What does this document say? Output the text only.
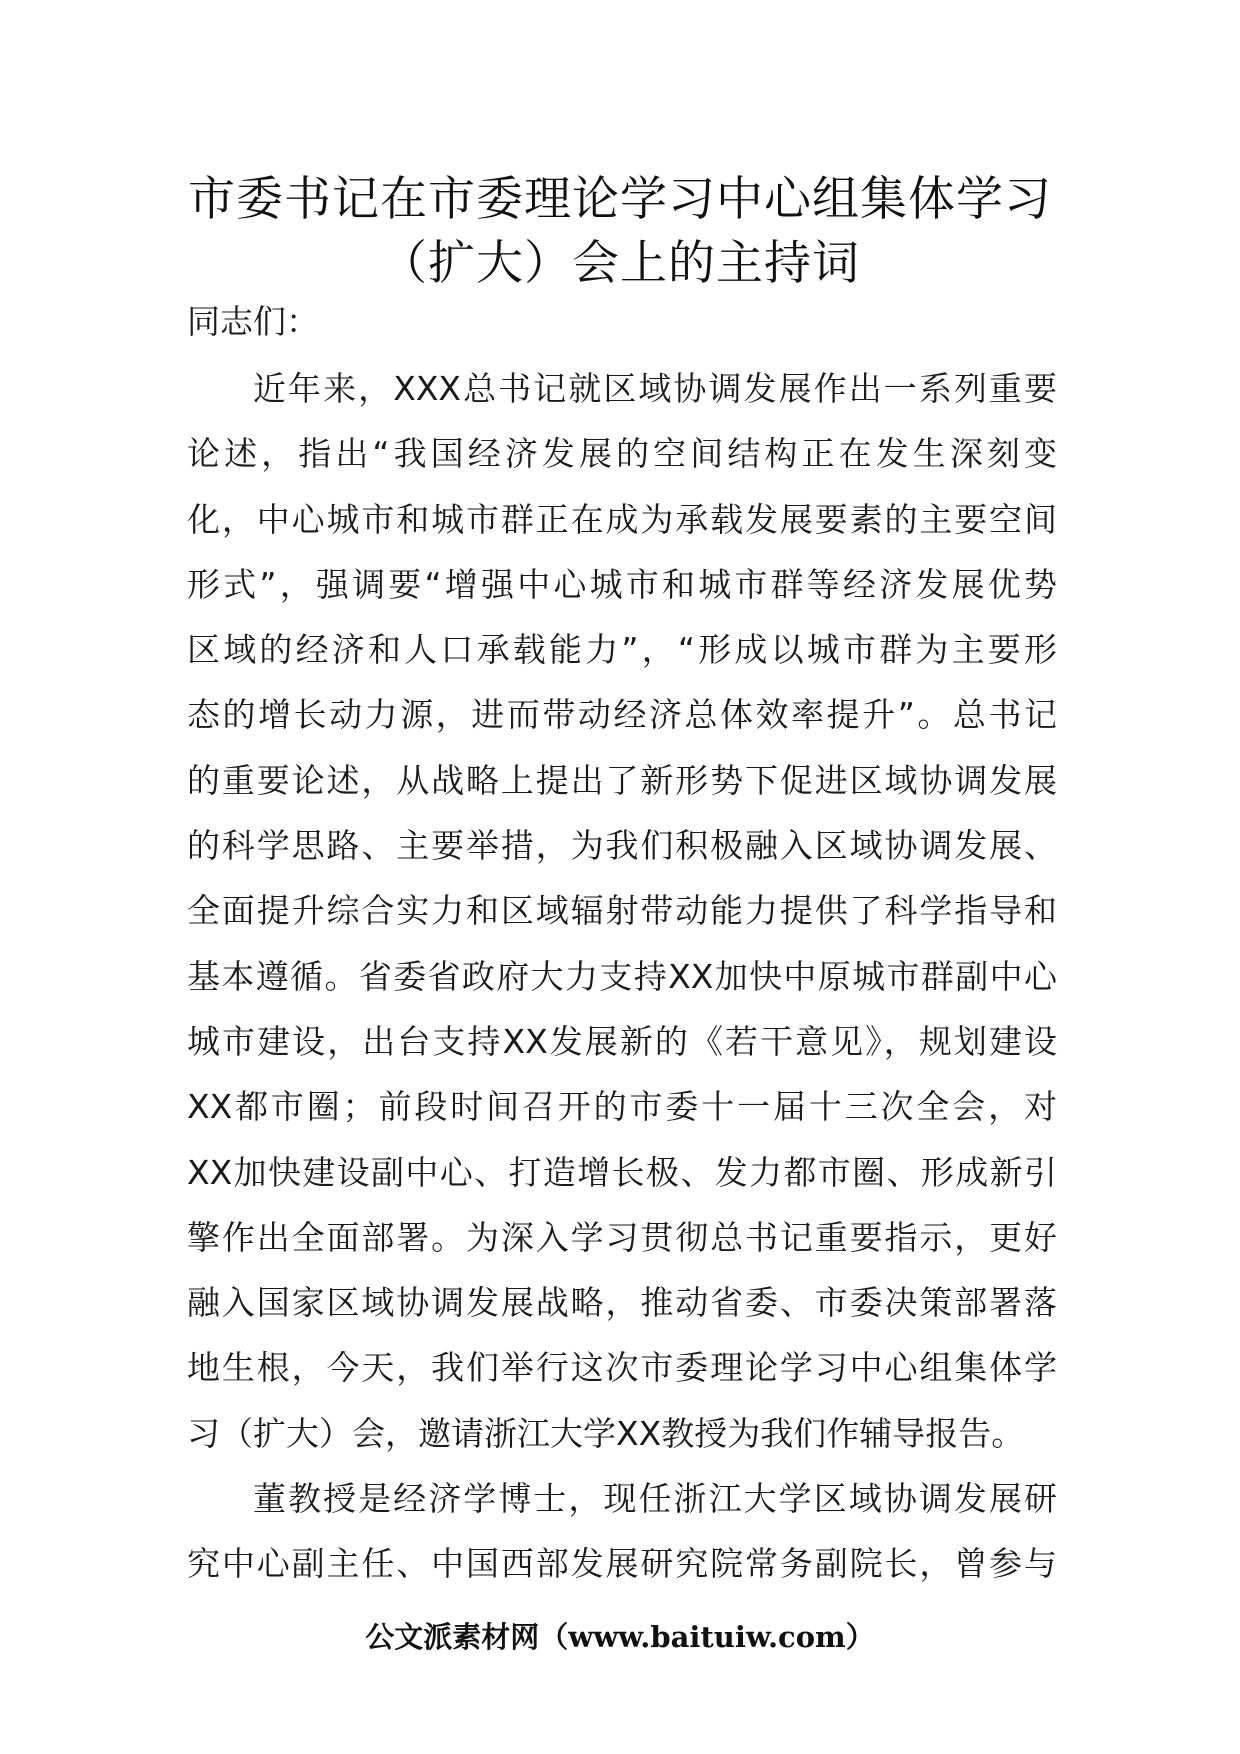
市委书记在市委理论学习中心组集体学习
（扩大）会上的主持词
同志们：
近年来，XXX总书记就区域协调发展作出一系列重要
论述，指出“我国经济发展的空间结构正在发生深刻变
化，中心城市和城市群正在成为承载发展要素的主要空间
形式”，强调要“增强中心城市和城市群等经济发展优势
区域的经济和人口承载能力”，“形成以城市群为主要形
态的增长动力源，进而带动经济总体效率提升”。总书记
的重要论述，从战略上提出了新形势下促进区域协调发展
的科学思路、主要举措，为我们积极融入区域协调发展、
全面提升综合实力和区域辐射带动能力提供了科学指导和
基本遵循。省委省政府大力支持XX加快中原城市群副中心
城市建设，出台支持XX发展新的《若干意见》，规划建设
XX都市圈；前段时间召开的市委十一届十三次全会，对
XX加快建设副中心、打造增长极、发力都市圈、形成新引
擎作出全面部署。为深入学习贯彻总书记重要指示，更好
融入国家区域协调发展战略，推动省委、市委决策部署落
地生根，今天，我们举行这次市委理论学习中心组集体学
习（扩大）会，邀请浙江大学XX教授为我们作辅导报告。
董教授是经济学博士，现任浙江大学区域协调发展研
究中心副主任、中国西部发展研究院常务副院长，曾参与
公文派素材网（www.baituiw.com）
